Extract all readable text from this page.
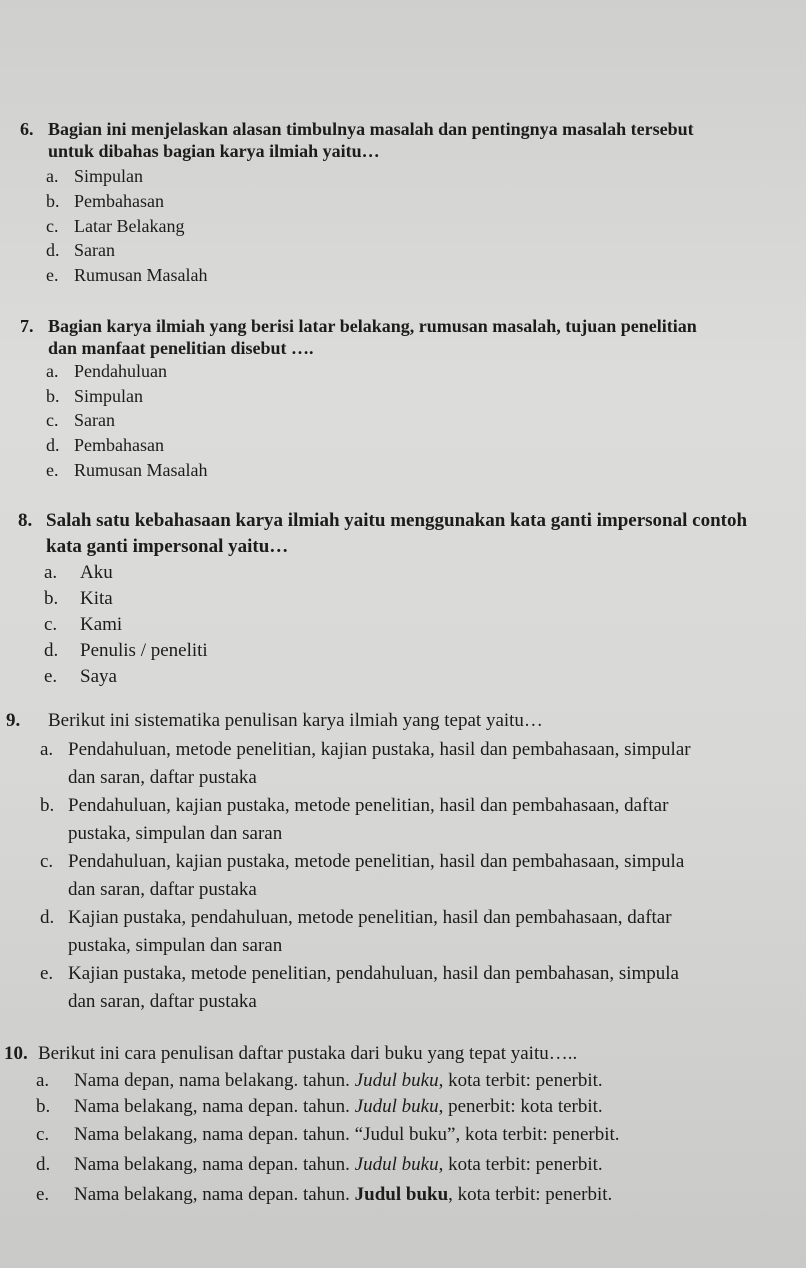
6. Bagian ini menjelaskan alasan timbulnya masalah dan pentingnya masalah tersebut
untuk dibahas bagian karya ilmiah yaitu…
a. Simpulan
b. Pembahasan
c. Latar Belakang
d. Saran
e. Rumusan Masalah
7. Bagian karya ilmiah yang berisi latar belakang, rumusan masalah, tujuan penelitian
dan manfaat penelitian disebut ….
a. Pendahuluan
b. Simpulan
c. Saran
d. Pembahasan
e. Rumusan Masalah
8. Salah satu kebahasaan karya ilmiah yaitu menggunakan kata ganti impersonal contoh
kata ganti impersonal yaitu…
a. Aku
b. Kita
c. Kami
d. Penulis / peneliti
e. Saya
9. Berikut ini sistematika penulisan karya ilmiah yang tepat yaitu…
a. Pendahuluan, metode penelitian, kajian pustaka, hasil dan pembahasaan, simpular
dan saran, daftar pustaka
b. Pendahuluan, kajian pustaka, metode penelitian, hasil dan pembahasaan, daftar
pustaka, simpulan dan saran
c. Pendahuluan, kajian pustaka, metode penelitian, hasil dan pembahasaan, simpula
dan saran, daftar pustaka
d. Kajian pustaka, pendahuluan, metode penelitian, hasil dan pembahasaan, daftar
pustaka, simpulan dan saran
e. Kajian pustaka, metode penelitian, pendahuluan, hasil dan pembahasan, simpula
dan saran, daftar pustaka
10. Berikut ini cara penulisan daftar pustaka dari buku yang tepat yaitu…..
a. Nama depan, nama belakang. tahun. Judul buku, kota terbit: penerbit.
b. Nama belakang, nama depan. tahun. Judul buku, penerbit: kota terbit.
c. Nama belakang, nama depan. tahun. “Judul buku”, kota terbit: penerbit.
d. Nama belakang, nama depan. tahun. Judul buku, kota terbit: penerbit.
e. Nama belakang, nama depan. tahun. Judul buku, kota terbit: penerbit.
